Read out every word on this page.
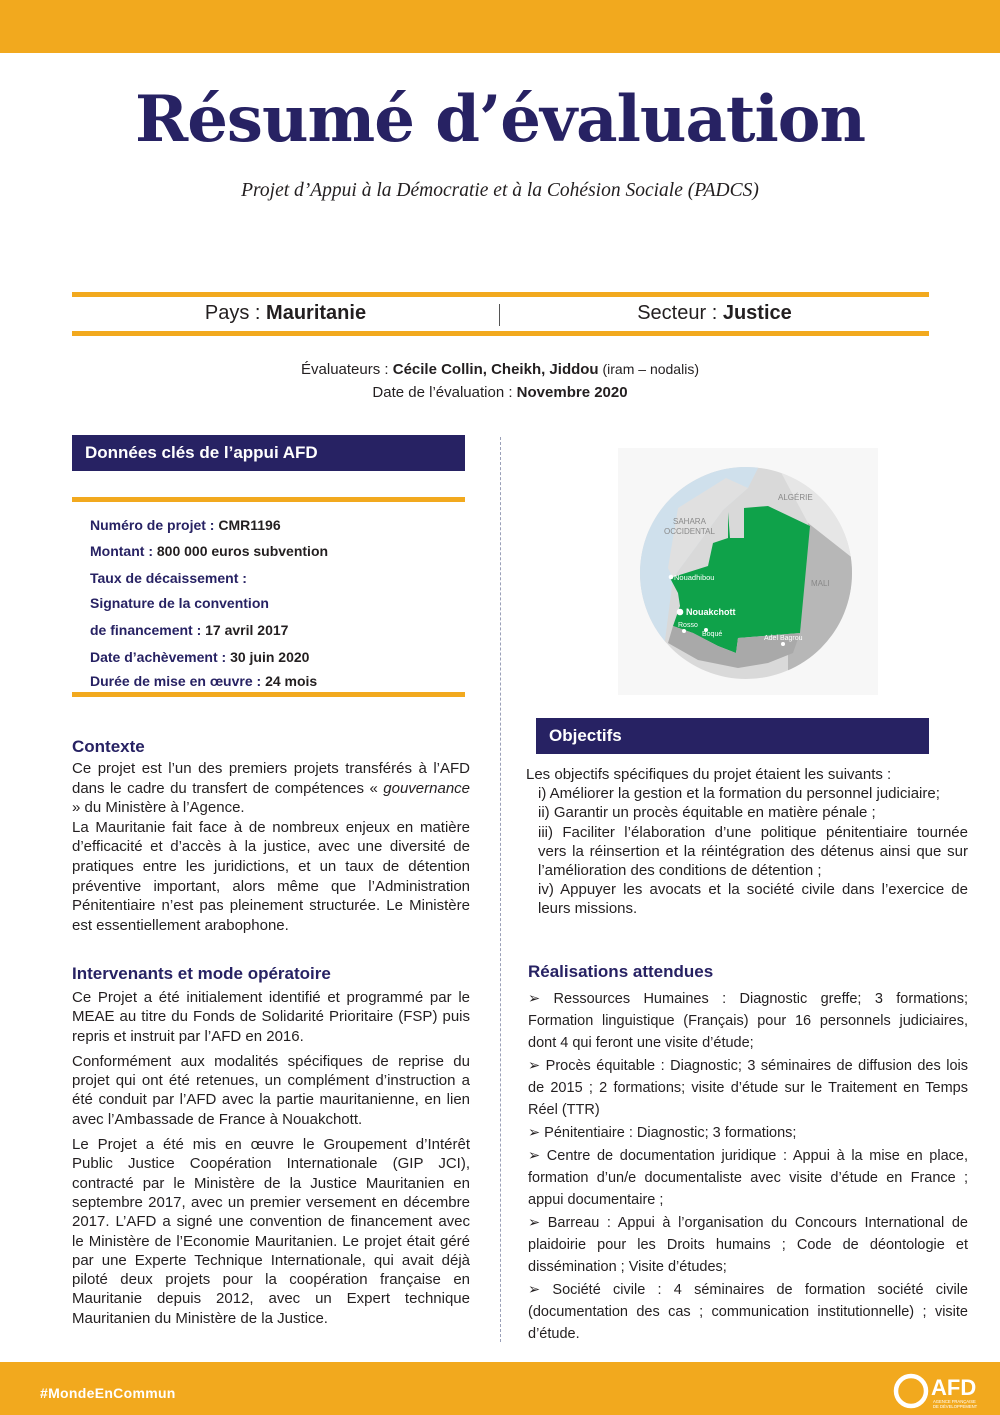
Résumé d’évaluation
Projet d’Appui à la Démocratie et à la Cohésion Sociale (PADCS)
Pays : Mauritanie	Secteur : Justice
Évaluateurs : Cécile Collin, Cheikh, Jiddou (iram – nodalis)
Date de l’évaluation : Novembre 2020
Données clés de l’appui AFD
Numéro de projet : CMR1196
Montant : 800 000 euros subvention
Taux de décaissement :
Signature de la convention
de financement : 17 avril 2017
Date d’achèvement : 30 juin 2020
Durée de mise en œuvre : 24 mois
ALGÉRIE
SAHARA
OCCIDENTAL
MALI
Nouadhibou
Nouakchott
Rosso
Boqué
Adel Bagrou
Contexte

Ce projet est l’un des premiers projets transférés à l’AFD dans le cadre du transfert de compétences « gouvernance » du Ministère à l’Agence.

La Mauritanie fait face à de nombreux enjeux en matière d’efficacité et d’accès à la justice, avec une diversité de pratiques entre les juridictions, et un taux de détention préventive important, alors même que l’Administration Pénitentiaire n’est pas pleinement structurée. Le Ministère est essentiellement arabophone.

Intervenants et mode opératoire

Ce Projet a été initialement identifié et programmé par le MEAE au titre du Fonds de Solidarité Prioritaire (FSP) puis repris et instruit par l’AFD en 2016.

Conformément aux modalités spécifiques de reprise du projet qui ont été retenues, un complément d’instruction a été conduit par l’AFD avec la partie mauritanienne, en lien avec l’Ambassade de France à Nouakchott.

Le Projet a été mis en œuvre le Groupement d’Intérêt Public Justice Coopération Internationale (GIP JCI), contracté par le Ministère de la Justice Mauritanien en septembre 2017, avec un premier versement en décembre 2017. L’AFD a signé une convention de financement avec le Ministère de l’Economie Mauritanien. Le projet était géré par une Experte Technique Internationale, qui avait déjà piloté deux projets pour la coopération française en Mauritanie depuis 2012, avec un Expert technique Mauritanien du Ministère de la Justice.

Objectifs
Les objectifs spécifiques du projet étaient les suivants :
i) Améliorer la gestion et la formation du personnel judiciaire;
ii) Garantir un procès équitable en matière pénale ;
iii) Faciliter l’élaboration d’une politique pénitentiaire tournée vers la réinsertion et la réintégration des détenus ainsi que sur l’amélioration des conditions de détention ;
iv) Appuyer les avocats et la société civile dans l’exercice de leurs missions.
Réalisations attendues

➢ Ressources Humaines : Diagnostic greffe; 3 formations; Formation linguistique (Français) pour 16 personnels judiciaires, dont 4 qui feront une visite d’étude;

➢ Procès équitable : Diagnostic; 3 séminaires de diffusion des lois de 2015 ; 2 formations; visite d’étude sur le Traitement en Temps Réel (TTR)

➢ Pénitentiaire : Diagnostic; 3 formations;

➢ Centre de documentation juridique : Appui à la mise en place, formation d’un/e documentaliste avec visite d’étude en France ; appui documentaire ;

➢ Barreau : Appui à l’organisation du Concours International de plaidoirie pour les Droits humains ; Code de déontologie et dissémination ; Visite d’études;

➢ Société civile : 4 séminaires de formation société civile (documentation des cas ; communication institutionnelle) ; visite d’étude.

#MondeEnCommun	AFD
AGENCE FRANÇAISE
DE DÉVELOPPEMENT
